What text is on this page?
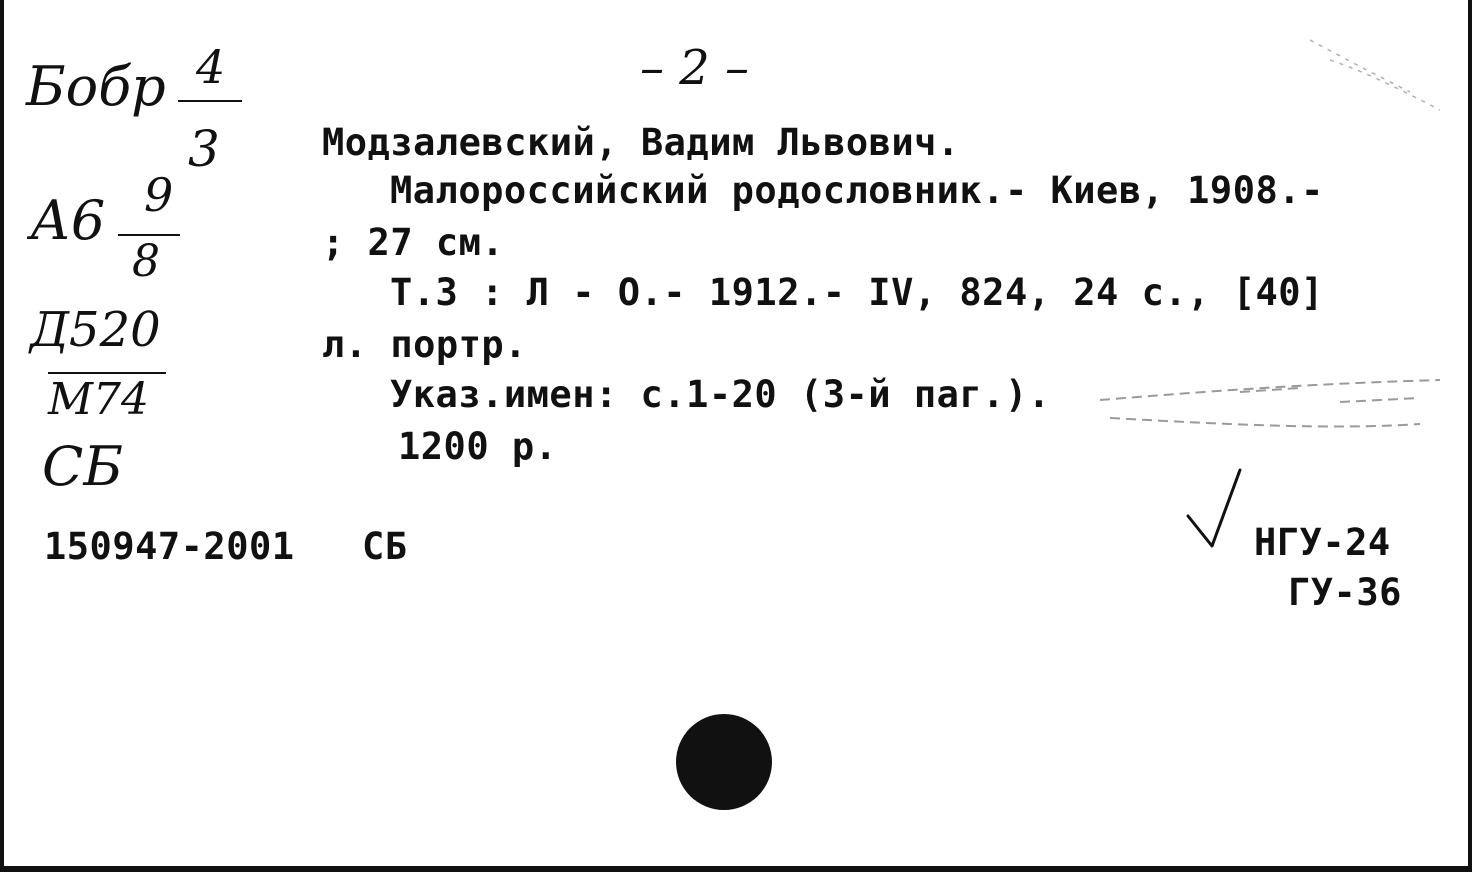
– 2 –
Бобр 4
3
А6 9
8
Д520
М74
СБ
Модзалевский, Вадим Львович.
Малороссийский родословник.- Киев, 1908.-
; 27 см.
Т.3 : Л - О.- 1912.- IV, 824, 24 с., [40]
л. портр.
Указ.имен: с.1-20 (3-й паг.).
1200 р.
150947-2001 СБ	НГУ-24
ГУ-36
